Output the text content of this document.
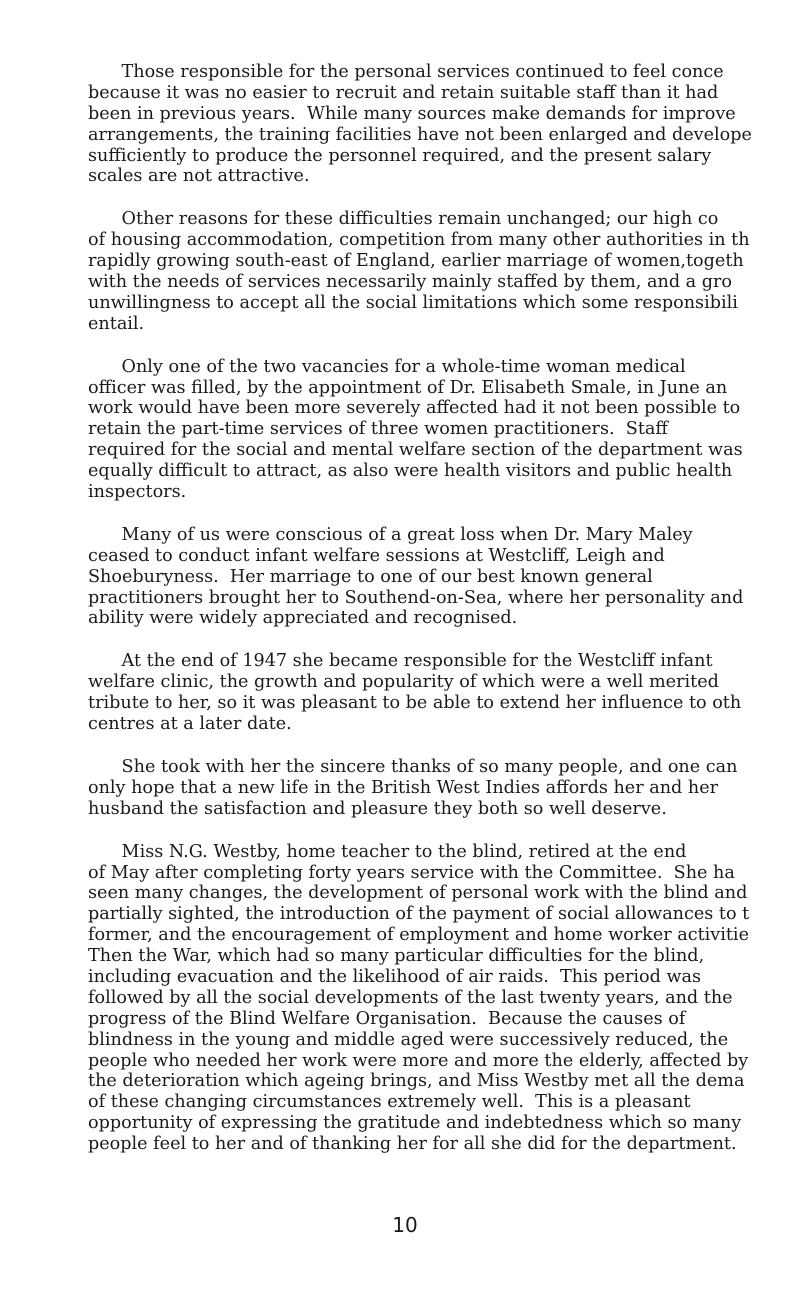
Those responsible for the personal services continued to feel conce
because it was no easier to recruit and retain suitable staff than it had
been in previous years.  While many sources make demands for improve
arrangements, the training facilities have not been enlarged and develope
sufficiently to produce the personnel required, and the present salary
scales are not attractive.
Other reasons for these difficulties remain unchanged; our high co
of housing accommodation, competition from many other authorities in th
rapidly growing south-east of England, earlier marriage of women,togeth
with the needs of services necessarily mainly staffed by them, and a gro
unwillingness to accept all the social limitations which some responsibili
entail.
Only one of the two vacancies for a whole-time woman medical
officer was filled, by the appointment of Dr. Elisabeth Smale, in June an
work would have been more severely affected had it not been possible to
retain the part-time services of three women practitioners.  Staff
required for the social and mental welfare section of the department was
equally difficult to attract, as also were health visitors and public health
inspectors.
Many of us were conscious of a great loss when Dr. Mary Maley
ceased to conduct infant welfare sessions at Westcliff, Leigh and
Shoeburyness.  Her marriage to one of our best known general
practitioners brought her to Southend-on-Sea, where her personality and
ability were widely appreciated and recognised.
At the end of 1947 she became responsible for the Westcliff infant
welfare clinic, the growth and popularity of which were a well merited
tribute to her, so it was pleasant to be able to extend her influence to oth
centres at a later date.
She took with her the sincere thanks of so many people, and one can
only hope that a new life in the British West Indies affords her and her
husband the satisfaction and pleasure they both so well deserve.
Miss N.G. Westby, home teacher to the blind, retired at the end
of May after completing forty years service with the Committee.  She ha
seen many changes, the development of personal work with the blind and
partially sighted, the introduction of the payment of social allowances to t
former, and the encouragement of employment and home worker activitie
Then the War, which had so many particular difficulties for the blind,
including evacuation and the likelihood of air raids.  This period was
followed by all the social developments of the last twenty years, and the
progress of the Blind Welfare Organisation.  Because the causes of
blindness in the young and middle aged were successively reduced, the
people who needed her work were more and more the elderly, affected by
the deterioration which ageing brings, and Miss Westby met all the dema
of these changing circumstances extremely well.  This is a pleasant
opportunity of expressing the gratitude and indebtedness which so many
people feel to her and of thanking her for all she did for the department.
10
